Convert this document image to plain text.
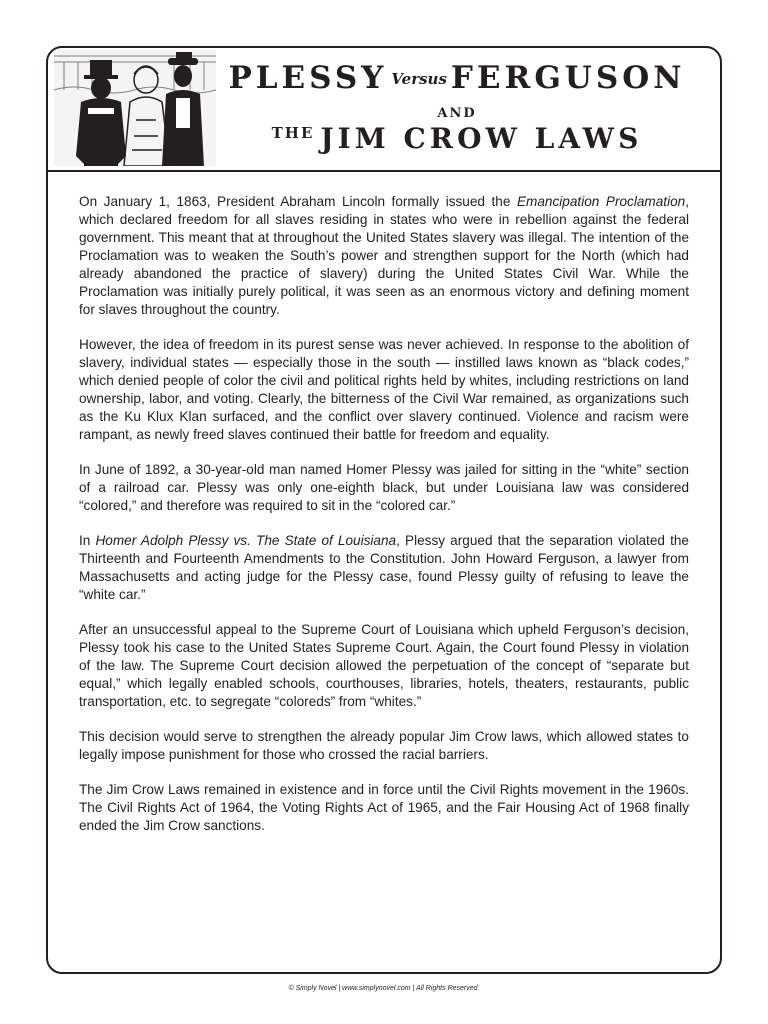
PLESSY Versus FERGUSON
AND
$^{THE}$ JIM CROW LAWS

On January 1, 1863, President Abraham Lincoln formally issued the Emancipation Proclamation, which declared freedom for all slaves residing in states who were in rebellion against the federal government. This meant that at throughout the United States slavery was illegal. The intention of the Proclamation was to weaken the South’s power and strengthen support for the North (which had already abandoned the practice of slavery) during the United States Civil War. While the Proclamation was initially purely political, it was seen as an enormous victory and defining moment for slaves throughout the country.

However, the idea of freedom in its purest sense was never achieved. In response to the abolition of slavery, individual states — especially those in the south — instilled laws known as “black codes,” which denied people of color the civil and political rights held by whites, including restrictions on land ownership, labor, and voting. Clearly, the bitterness of the Civil War remained, as organizations such as the Ku Klux Klan surfaced, and the conflict over slavery continued. Violence and racism were rampant, as newly freed slaves continued their battle for freedom and equality.

In June of 1892, a 30-year-old man named Homer Plessy was jailed for sitting in the “white” section of a railroad car. Plessy was only one-eighth black, but under Louisiana law was considered “colored,” and therefore was required to sit in the “colored car.”

In Homer Adolph Plessy vs. The State of Louisiana, Plessy argued that the separation violated the Thirteenth and Fourteenth Amendments to the Constitution. John Howard Ferguson, a lawyer from Massachusetts and acting judge for the Plessy case, found Plessy guilty of refusing to leave the “white car.”

After an unsuccessful appeal to the Supreme Court of Louisiana which upheld Ferguson’s decision, Plessy took his case to the United States Supreme Court. Again, the Court found Plessy in violation of the law. The Supreme Court decision allowed the perpetuation of the concept of “separate but equal,” which legally enabled schools, courthouses, libraries, hotels, theaters, restaurants, public transportation, etc. to segregate “coloreds” from “whites.”

This decision would serve to strengthen the already popular Jim Crow laws, which allowed states to legally impose punishment for those who crossed the racial barriers.

The Jim Crow Laws remained in existence and in force until the Civil Rights movement in the 1960s. The Civil Rights Act of 1964, the Voting Rights Act of 1965, and the Fair Housing Act of 1968 finally ended the Jim Crow sanctions.

© Simply Novel | www.simplynovel.com | All Rights Reserved.
